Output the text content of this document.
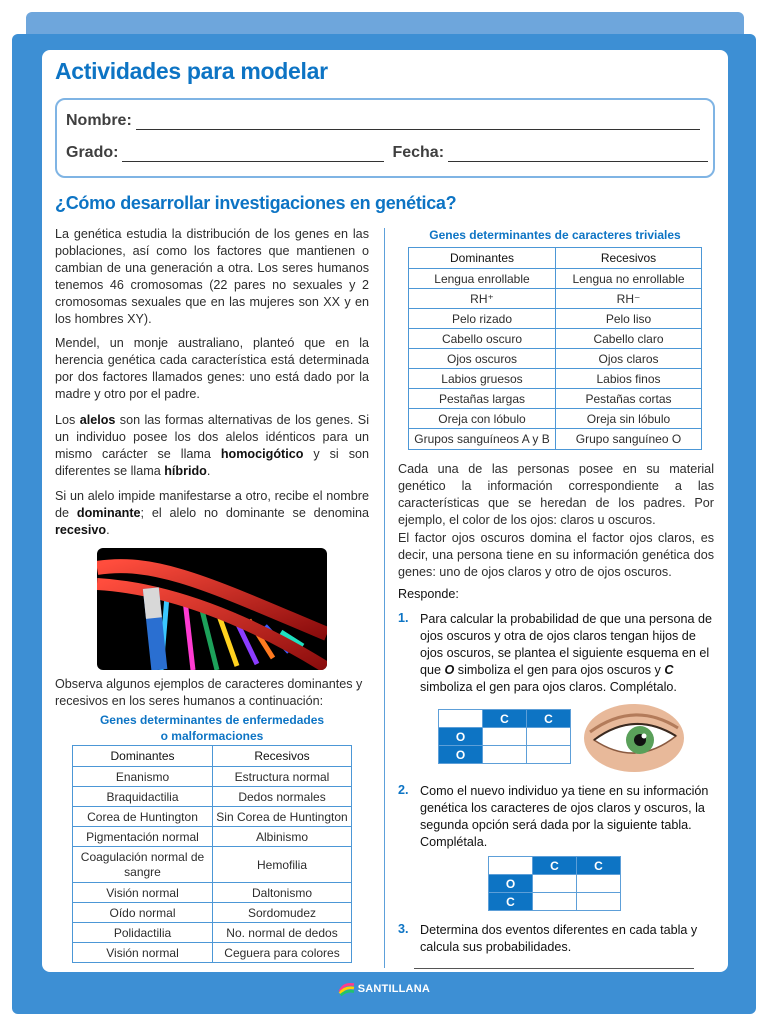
Actividades para modelar
Nombre:
Grado:	Fecha:
¿Cómo desarrollar investigaciones en genética?

La genética estudia la distribución de los genes en las poblaciones, así como los factores que mantienen o cambian de una generación a otra. Los seres humanos tenemos 46 cromosomas (22 pares no sexuales y 2 cromosomas sexuales que en las mujeres son XX y en los hombres XY).

Mendel, un monje australiano, planteó que en la herencia genética cada característica está determinada por dos factores llamados genes: uno está dado por la madre y otro por el padre.

Los alelos son las formas alternativas de los genes. Si un individuo posee los dos alelos idénticos para un mismo carácter se llama homocigótico y si son diferentes se llama híbrido.

Si un alelo impide manifestarse a otro, recibe el nombre de dominante; el alelo no dominante se denomina recesivo.

Observa algunos ejemplos de caracteres dominantes y recesivos en los seres humanos a continuación:

Genes determinantes de enfermedades
o malformaciones
Dominantes	Recesivos
Enanismo	Estructura normal
Braquidactilia	Dedos normales
Corea de Huntington	Sin Corea de Huntington
Pigmentación normal	Albinismo
Coagulación normal de sangre	Hemofilia
Visión normal	Daltonismo
Oído normal	Sordomudez
Polidactilia	No. normal de dedos
Visión normal	Ceguera para colores
Genes determinantes de caracteres triviales
Dominantes	Recesivos
Lengua enrollable	Lengua no enrollable
RH⁺	RH⁻
Pelo rizado	Pelo liso
Cabello oscuro	Cabello claro
Ojos oscuros	Ojos claros
Labios gruesos	Labios finos
Pestañas largas	Pestañas cortas
Oreja con lóbulo	Oreja sin lóbulo
Grupos sanguíneos A y B	Grupo sanguíneo O

Cada una de las personas posee en su material genético la información correspondiente a las características que se heredan de los padres. Por ejemplo, el color de los ojos: claros u oscuros.

El factor ojos oscuros domina el factor ojos claros, es decir, una persona tiene en su información genética dos genes: uno de ojos claros y otro de ojos oscuros.

Responde:

1. Para calcular la probabilidad de que una persona de ojos oscuros y otra de ojos claros tengan hijos de ojos oscuros, se plantea el siguiente esquema en el que O simboliza el gen para ojos oscuros y C simboliza el gen para ojos claros. Complétalo.

	C	C
O		
O		
2. Como el nuevo individuo ya tiene en su información genética los caracteres de ojos claros y oscuros, la segunda opción será dada por la siguiente tabla. Complétala.

	C	C
O		
C		
3. Determina dos eventos diferentes en cada tabla y calcula sus probabilidades.

SANTILLANA
